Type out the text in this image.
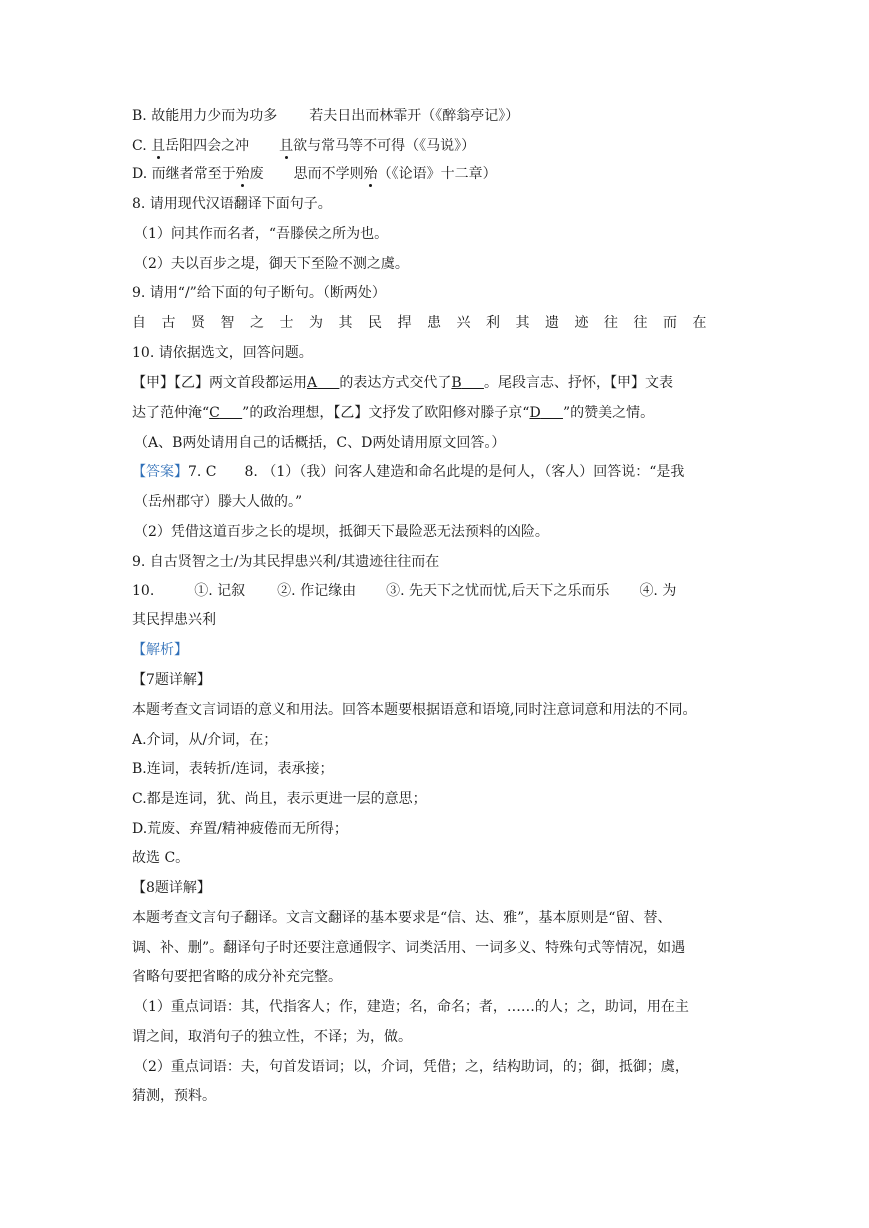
B. 故能用力少而为功多 若夫日出而林霏开（《醉翁亭记》）
C. 且岳阳四会之冲 且欲与常马等不可得（《马说》）
D. 而继者常至于殆废 思而不学则殆（《论语》十二章）
8. 请用现代汉语翻译下面句子。
（1）问其作而名者，“吾滕侯之所为也。
（2）夫以百步之堤，御天下至险不测之虞。
9. 请用“/”给下面的句子断句。（断两处）
自古贤智之士为其民捍患兴利其遗迹往往而在
10. 请依据选文，回答问题。
【甲】【乙】两文首段都运用A 的表达方式交代了B 。尾段言志、抒怀，【甲】文表
达了范仲淹“C ”的政治理想，【乙】文抒发了欧阳修对滕子京“D ”的赞美之情。
（A、B两处请用自己的话概括，C、D两处请用原文回答。）
【答案】7. C　　8. （1）（我）问客人建造和命名此堤的是何人，（客人）回答说：“是我
（岳州郡守）滕大人做的。”
（2）凭借这道百步之长的堤坝，抵御天下最险恶无法预料的凶险。
9. 自古贤智之士/为其民捍患兴利/其遗迹往往而在
10.	①. 记叙 ②. 作记缘由 ③. 先天下之忧而忧,后天下之乐而乐 ④. 为
其民捍患兴利
【解析】
【7题详解】
本题考查文言词语的意义和用法。回答本题要根据语意和语境,同时注意词意和用法的不同。
A.介词，从/介词，在；
B.连词，表转折/连词，表承接；
C.都是连词，犹、尚且，表示更进一层的意思；
D.荒废、弃置/精神疲倦而无所得；
故选 C。
【8题详解】
本题考查文言句子翻译。文言文翻译的基本要求是“信、达、雅”，基本原则是“留、替、
调、补、删”。翻译句子时还要注意通假字、词类活用、一词多义、特殊句式等情况，如遇
省略句要把省略的成分补充完整。
（1）重点词语：其，代指客人；作，建造；名，命名；者，……的人；之，助词，用在主
谓之间，取消句子的独立性，不译；为，做。
（2）重点词语：夫，句首发语词；以，介词，凭借；之，结构助词，的；御，抵御；虞，
猜测，预料。
